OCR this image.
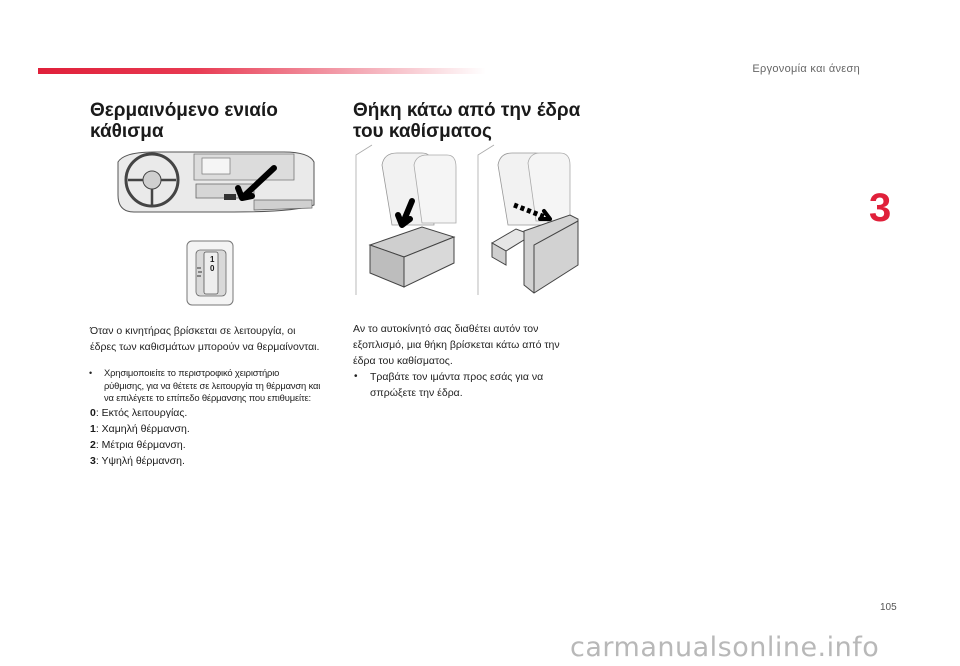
Εργονομία και άνεση
3
Θερμαινόμενο ενιαίο
κάθισμα
1
0
Όταν ο κινητήρας βρίσκεται σε λειτουργία, οι
έδρες των καθισμάτων μπορούν να θερμαίνονται.
• Χρησιμοποιείτε το περιστροφικό χειριστήριο
ρύθμισης, για να θέτετε σε λειτουργία τη θέρμανση και
να επιλέγετε το επίπεδο θέρμανσης που επιθυμείτε:
0: Εκτός λειτουργίας.
1: Χαμηλή θέρμανση.
2: Μέτρια θέρμανση.
3: Υψηλή θέρμανση.
Θήκη κάτω από την έδρα
του καθίσματος
Αν το αυτοκίνητό σας διαθέτει αυτόν τον
εξοπλισμό, μια θήκη βρίσκεται κάτω από την
έδρα του καθίσματος.
• Τραβάτε τον ιμάντα προς εσάς για να
σπρώξετε την έδρα.
105
carmanualsonline.info
